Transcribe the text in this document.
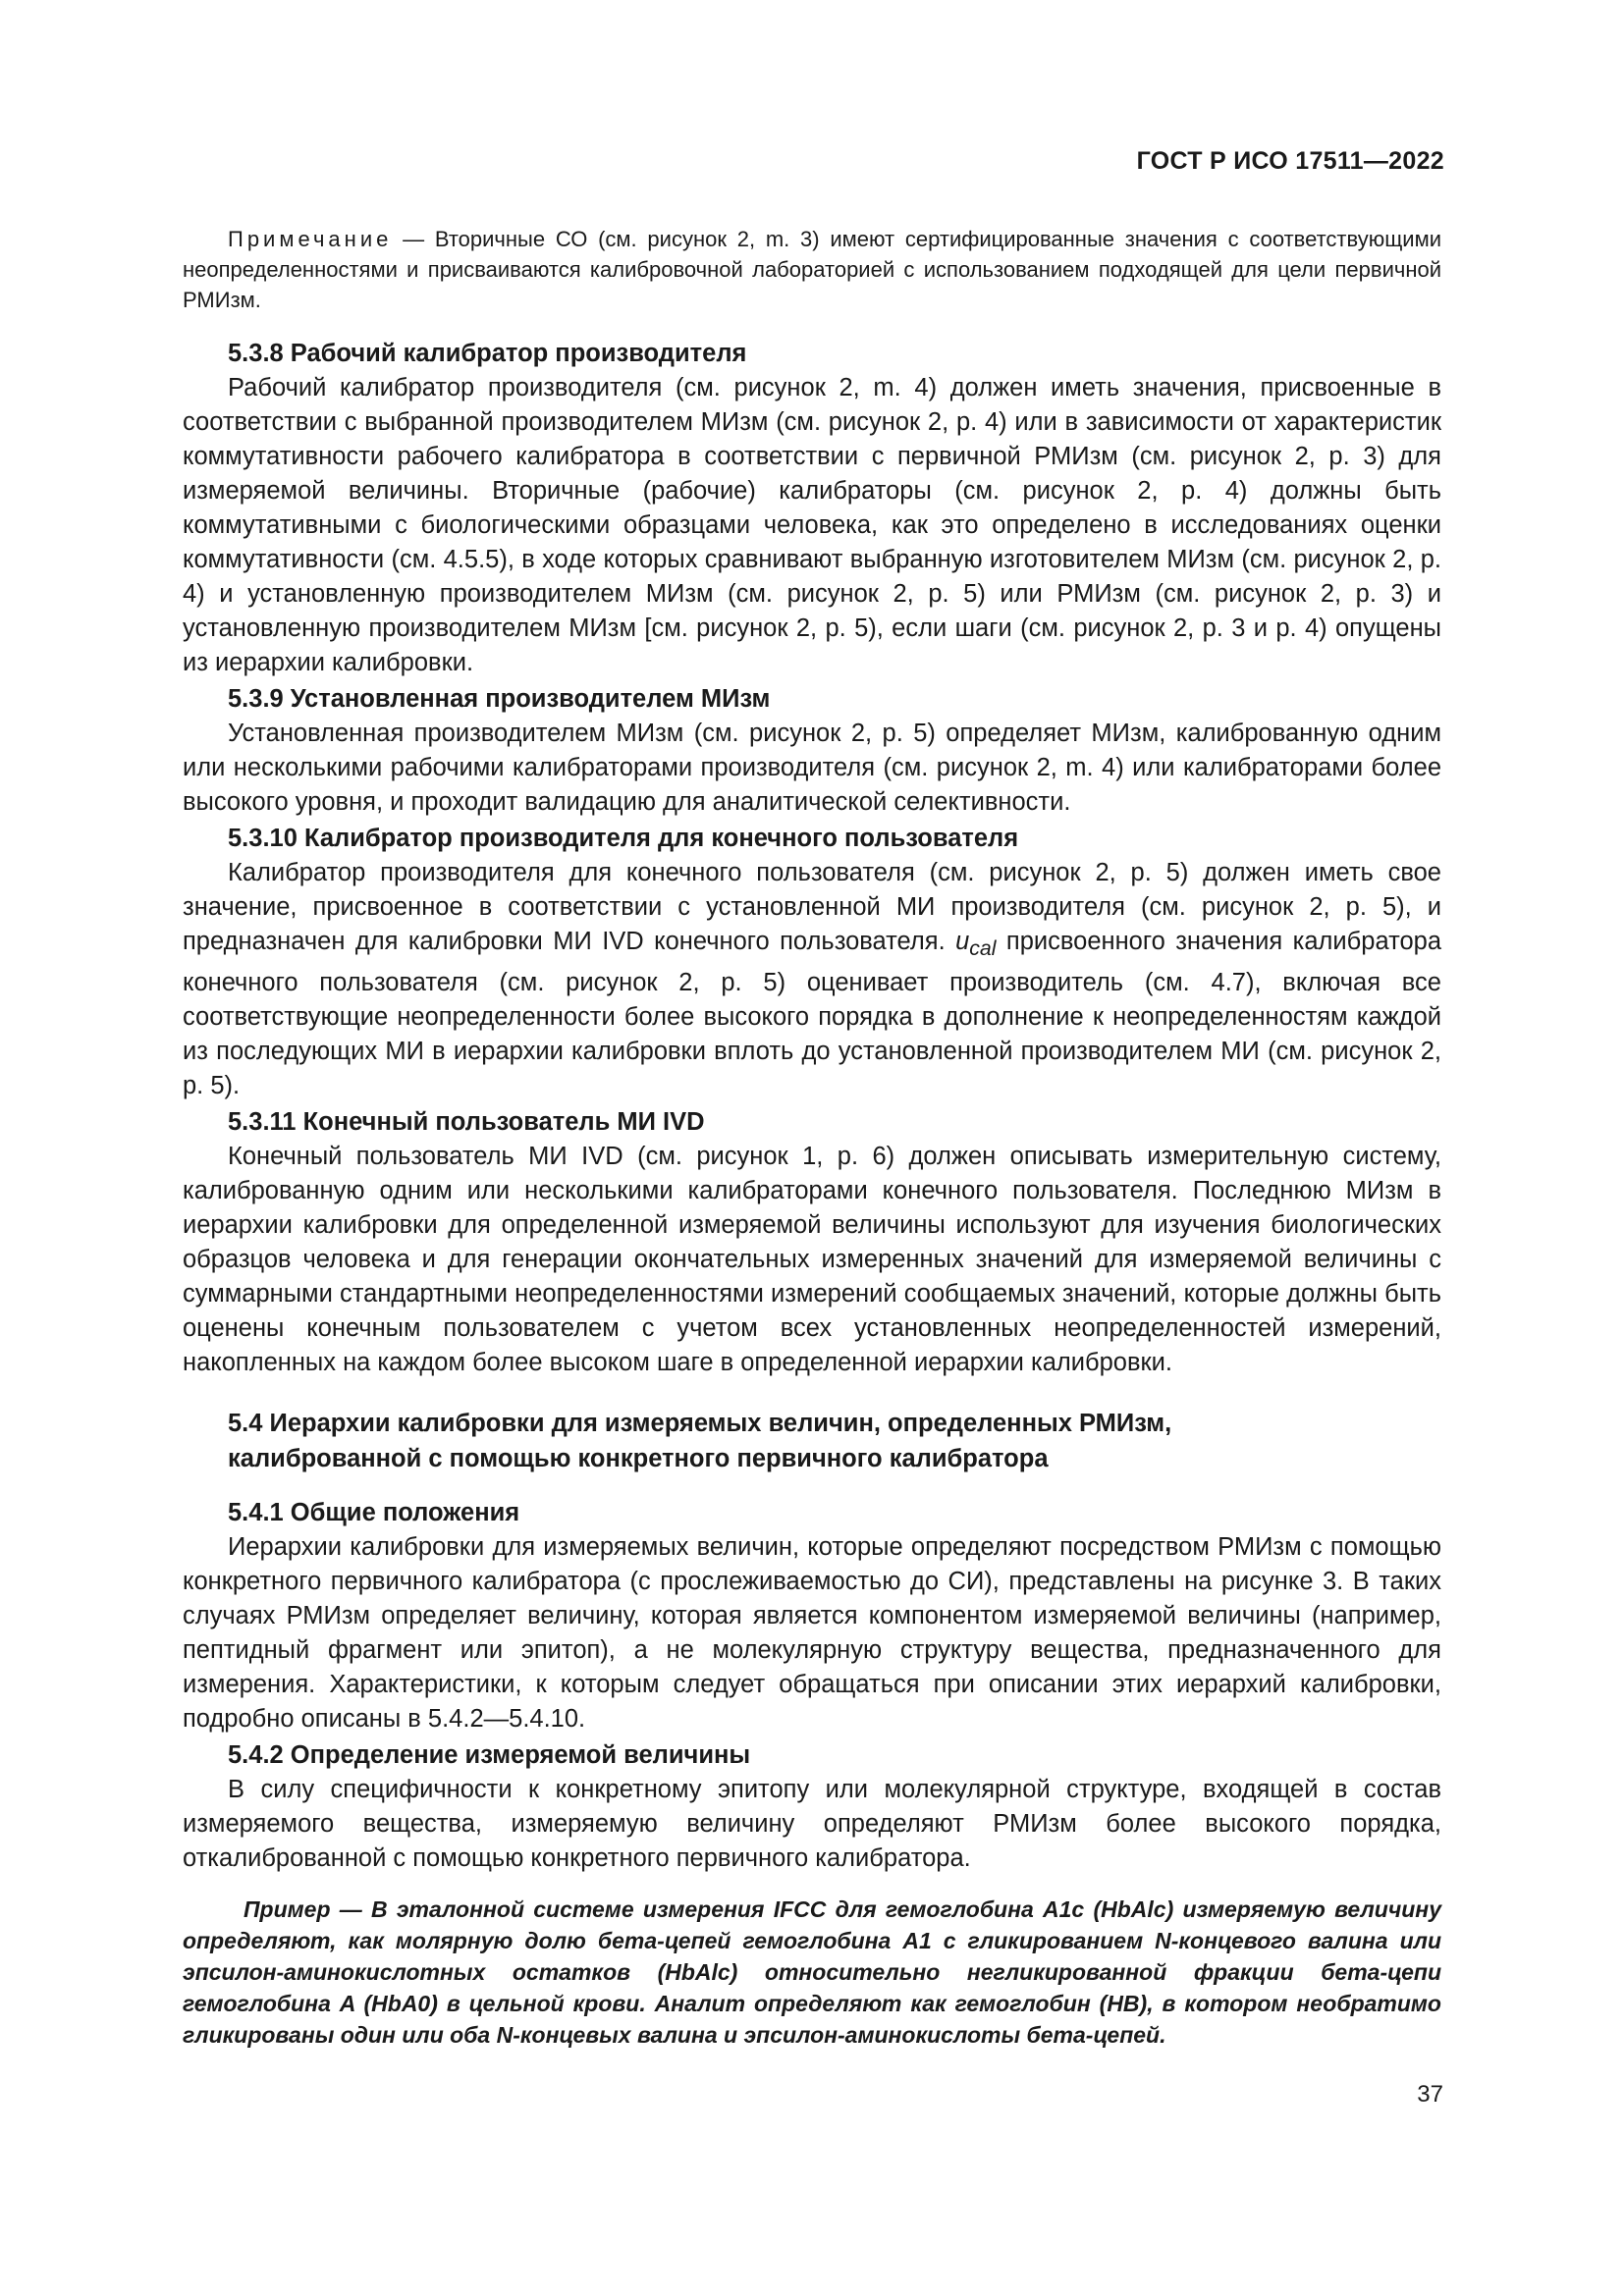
ГОСТ Р ИСО 17511—2022
Примечание — Вторичные СО (см. рисунок 2, m. 3) имеют сертифицированные значения с соответствующими неопределенностями и присваиваются калибровочной лабораторией с использованием подходящей для цели первичной РМИзм.
5.3.8 Рабочий калибратор производителя

Рабочий калибратор производителя (см. рисунок 2, m. 4) должен иметь значения, присвоенные в соответствии с выбранной производителем МИзм (см. рисунок 2, р. 4) или в зависимости от характеристик коммутативности рабочего калибратора в соответствии с первичной РМИзм (см. рисунок 2, р. 3) для измеряемой величины. Вторичные (рабочие) калибраторы (см. рисунок 2, р. 4) должны быть коммутативными с биологическими образцами человека, как это определено в исследованиях оценки коммутативности (см. 4.5.5), в ходе которых сравнивают выбранную изготовителем МИзм (см. рисунок 2, р. 4) и установленную производителем МИзм (см. рисунок 2, р. 5) или РМИзм (см. рисунок 2, р. 3) и установленную производителем МИзм [см. рисунок 2, р. 5), если шаги (см. рисунок 2, р. 3 и р. 4) опущены из иерархии калибровки.

5.3.9 Установленная производителем МИзм

Установленная производителем МИзм (см. рисунок 2, р. 5) определяет МИзм, калиброванную одним или несколькими рабочими калибраторами производителя (см. рисунок 2, m. 4) или калибраторами более высокого уровня, и проходит валидацию для аналитической селективности.

5.3.10 Калибратор производителя для конечного пользователя

Калибратор производителя для конечного пользователя (см. рисунок 2, р. 5) должен иметь свое значение, присвоенное в соответствии с установленной МИ производителя (см. рисунок 2, р. 5), и предназначен для калибровки МИ IVD конечного пользователя. $u_{cal}$ присвоенного значения калибратора конечного пользователя (см. рисунок 2, р. 5) оценивает производитель (см. 4.7), включая все соответствующие неопределенности более высокого порядка в дополнение к неопределенностям каждой из последующих МИ в иерархии калибровки вплоть до установленной производителем МИ (см. рисунок 2, р. 5).

5.3.11 Конечный пользователь МИ IVD

Конечный пользователь МИ IVD (см. рисунок 1, р. 6) должен описывать измерительную систему, калиброванную одним или несколькими калибраторами конечного пользователя. Последнюю МИзм в иерархии калибровки для определенной измеряемой величины используют для изучения биологических образцов человека и для генерации окончательных измеренных значений для измеряемой величины с суммарными стандартными неопределенностями измерений сообщаемых значений, которые должны быть оценены конечным пользователем с учетом всех установленных неопределенностей измерений, накопленных на каждом более высоком шаге в определенной иерархии калибровки.

5.4 Иерархии калибровки для измеряемых величин, определенных РМИзм,
калиброванной с помощью конкретного первичного калибратора
5.4.1 Общие положения

Иерархии калибровки для измеряемых величин, которые определяют посредством РМИзм с помощью конкретного первичного калибратора (с прослеживаемостью до СИ), представлены на рисунке 3. В таких случаях РМИзм определяет величину, которая является компонентом измеряемой величины (например, пептидный фрагмент или эпитоп), а не молекулярную структуру вещества, предназначенного для измерения. Характеристики, к которым следует обращаться при описании этих иерархий калибровки, подробно описаны в 5.4.2—5.4.10.

5.4.2 Определение измеряемой величины

В силу специфичности к конкретному эпитопу или молекулярной структуре, входящей в состав измеряемого вещества, измеряемую величину определяют РМИзм более высокого порядка, откалиброванной с помощью конкретного первичного калибратора.

Пример — В эталонной системе измерения IFCC для гемоглобина A1c (HbAlc) измеряемую величину определяют, как молярную долю бета-цепей гемоглобина A1 с гликированием N-концевого валина или эпсилон-аминокислотных остатков (HbAlc) относительно негликированной фракции бета-цепи гемоглобина A (HbA0) в цельной крови. Аналит определяют как гемоглобин (HB), в котором необратимо гликированы один или оба N-концевых валина и эпсилон-аминокислоты бета-цепей.
37
